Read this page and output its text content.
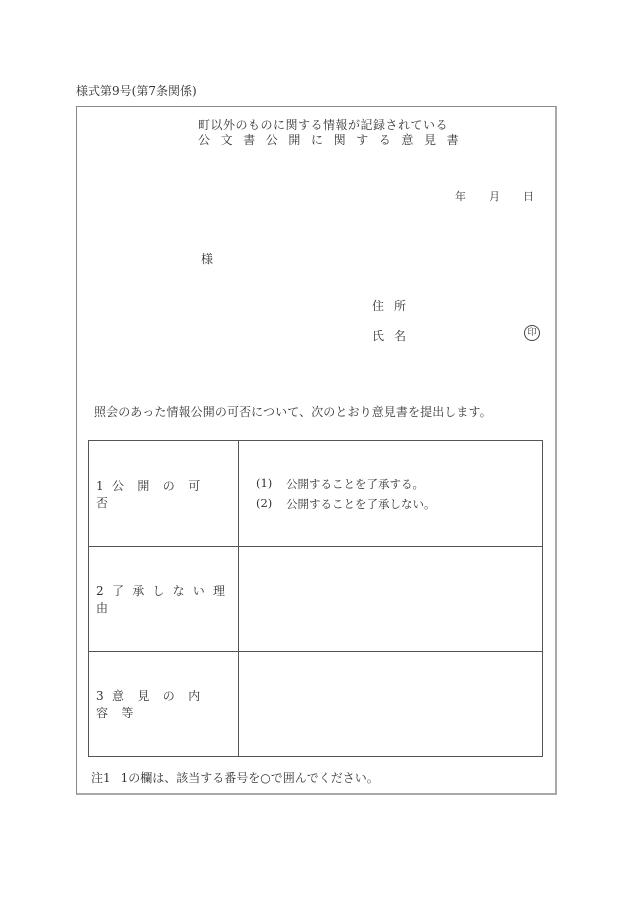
様式第9号(第7条関係)
町以外のものに関する情報が記録されている
公文書公開に関する意見書
年 月 日
様
住所
氏名	印
照会のあった情報公開の可否について、次のとおり意見書を提出します。
1 公開の可否	(1) 公開することを了承する。
(2) 公開することを了承しない。

2 了承しない理由	
3 意見の内容等	
注1 1の欄は、該当する番号を○で囲んでください。
